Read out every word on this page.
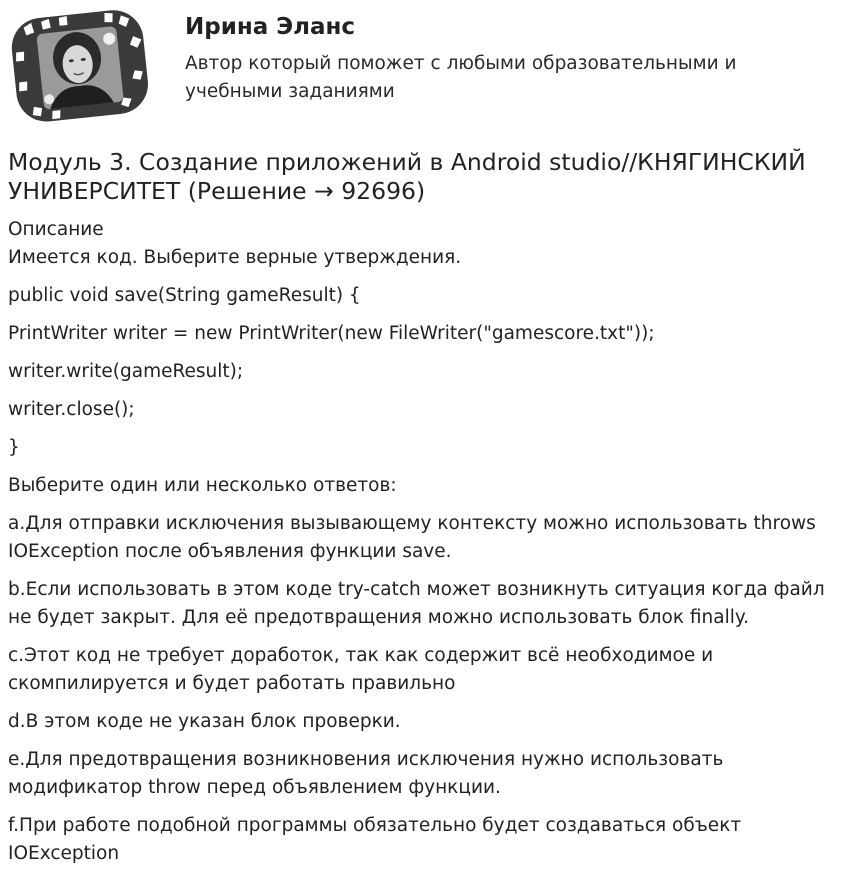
Ирина Эланс
Автор который поможет с любыми образовательными и учебными заданиями
Модуль 3. Создание приложений в Android studio//КНЯГИНСКИЙ УНИВЕРСИТЕТ (Решение → 92696)
Описание
Имеется код. Выберите верные утверждения.
public void save(String gameResult) {
PrintWriter writer = new PrintWriter(new FileWriter("gamescore.txt"));
writer.write(gameResult);
writer.close();
}
Выберите один или несколько ответов:
a.Для отправки исключения вызывающему контексту можно использовать throws IOException после объявления функции save.
b.Если использовать в этом коде try-catch может возникнуть ситуация когда файл не будет закрыт. Для её предотвращения можно использовать блок finally.
c.Этот код не требует доработок, так как содержит всё необходимое и скомпилируется и будет работать правильно
d.В этом коде не указан блок проверки.
e.Для предотвращения возникновения исключения нужно использовать модификатор throw перед объявлением функции.
f.При работе подобной программы обязательно будет создаваться объект IOException
